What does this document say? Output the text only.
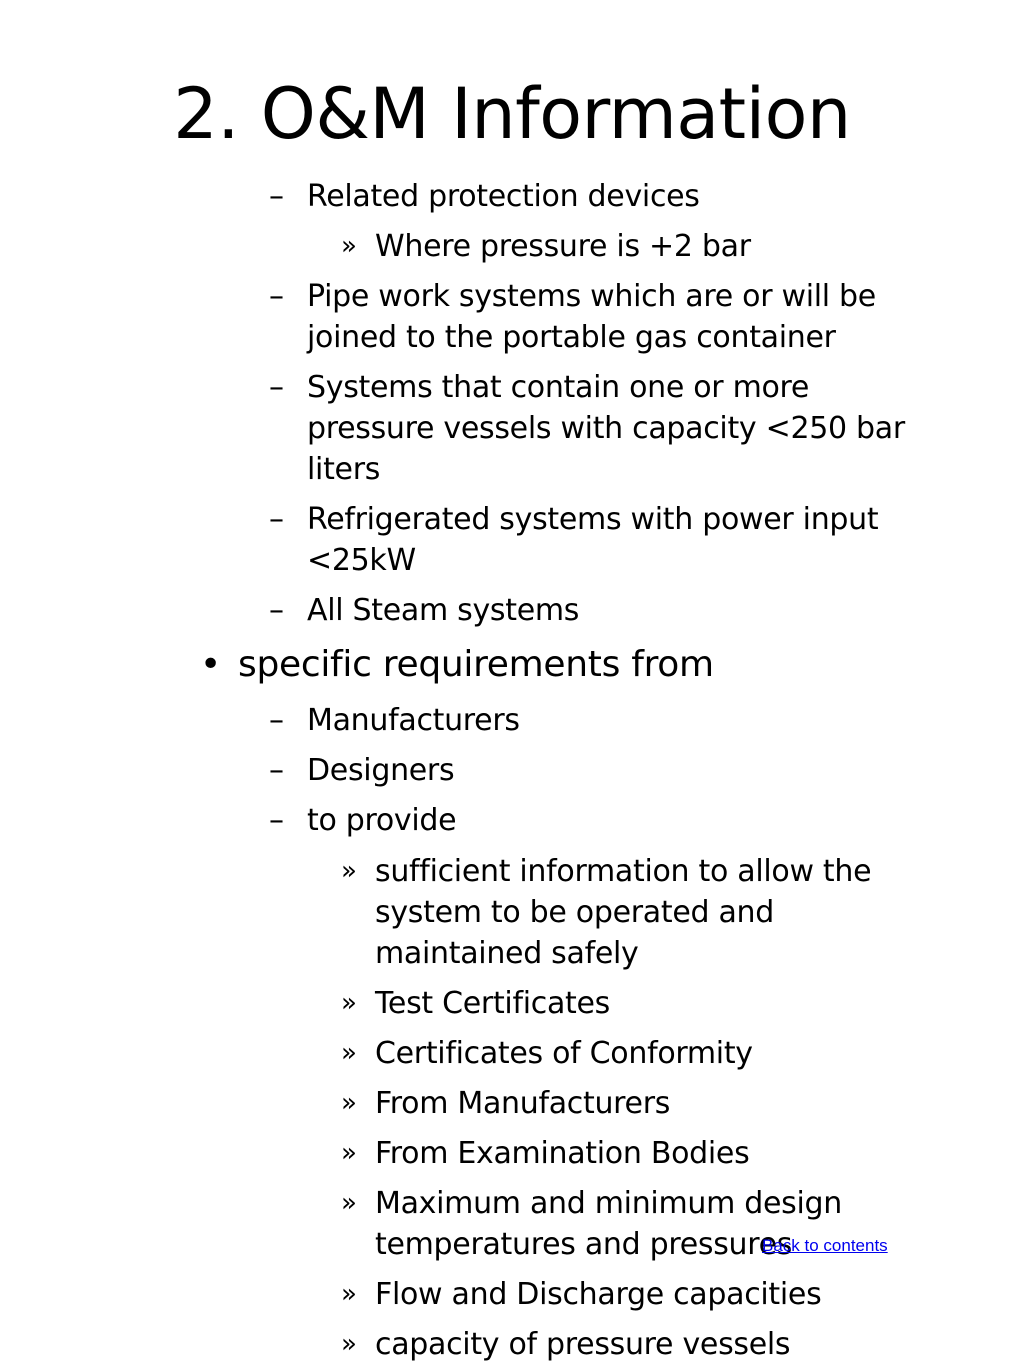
2. O&M Information
– Related protection devices
» Where pressure is +2 bar
– Pipe work systems which are or will be
joined to the portable gas container
– Systems that contain one or more
pressure vessels with capacity <250 bar
liters
– Refrigerated systems with power input
<25kW
– All Steam systems
• specific requirements from
– Manufacturers
– Designers
– to provide
» sufficient information to allow the
system to be operated and
maintained safely
» Test Certificates
» Certificates of Conformity
» From Manufacturers
» From Examination Bodies
» Maximum and minimum design
temperatures and pressures
» Flow and Discharge capacities
» capacity of pressure vessels
Back to contents
